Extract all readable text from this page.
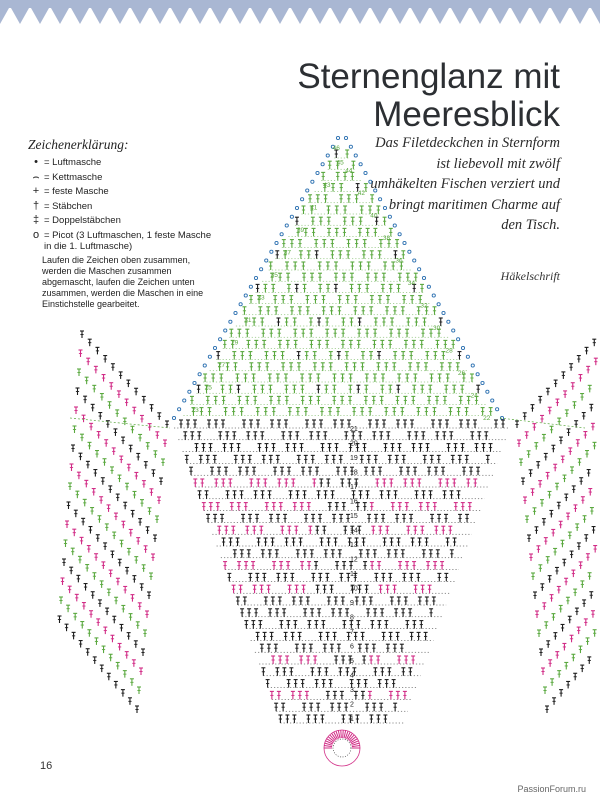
Sternenglanz mit
Meeresblick
Das Filetdeckchen in Sternform ist liebevoll mit zwölf umhäkelten Fischen verziert und bringt maritimen Charme auf den Tisch.
Häkelschrift
Zeichenerklärung:
• = Luftmasche
⌢ = Kettmasche
+ = feste Masche
† = Stäbchen
‡ = Doppelstäbchen
o = Picot (3 Luftmaschen, 1 feste Masche in die 1. Luftmasche)
Laufen die Zeichen oben zusammen, werden die Maschen zusammen abgemascht, laufen die Zeichen unten zusammen, werden die Maschen in eine Einstichstelle gearbeitet.
23
25
27
29
31
33
35
37
39
41
43
45
22
24
26
28
30
32
34
36
38
40
42
44
46
1
2
3
4
5
6
7
8
9
10
11
12
13
14
15
16
17
18
19
20
21
16
PassionForum.ru
